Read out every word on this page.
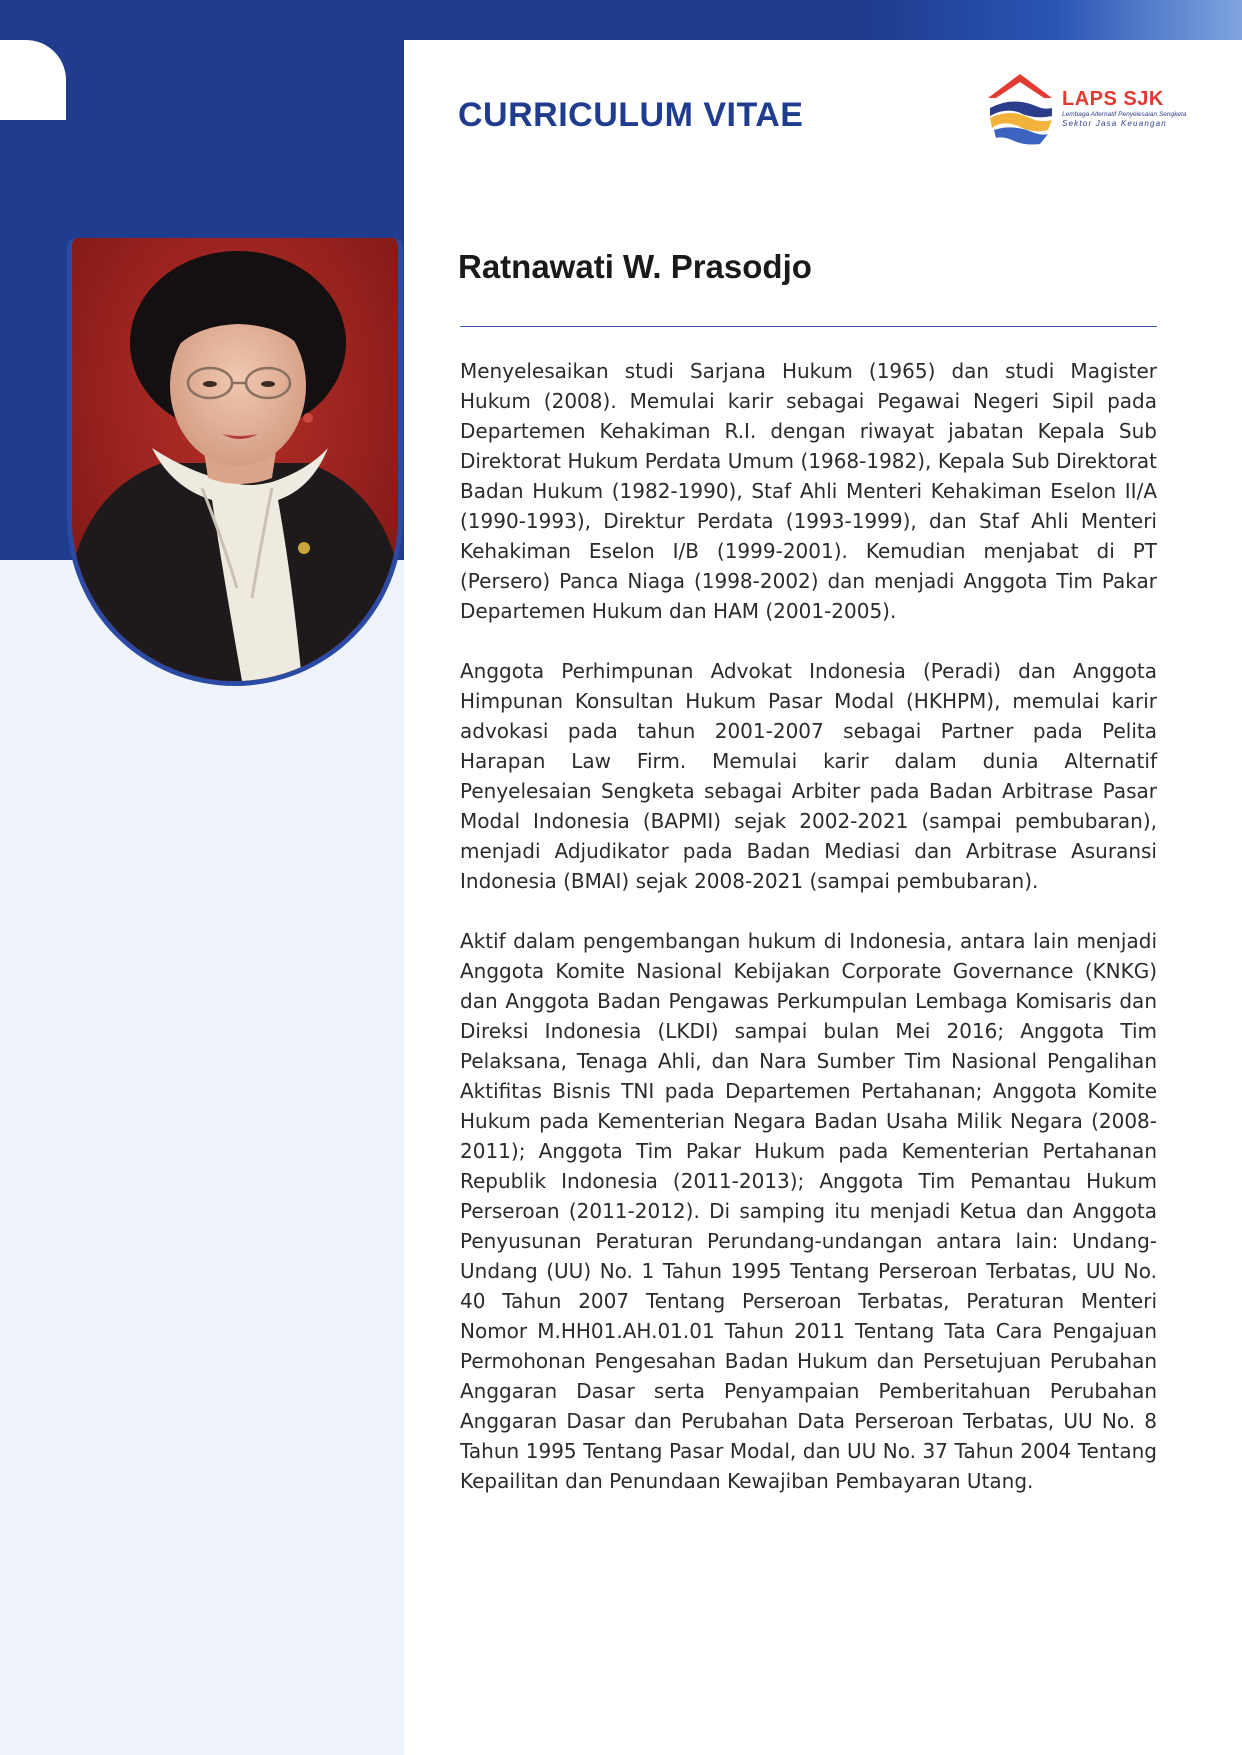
CURRICULUM VITAE	LAPS SJK
Lembaga Alternatif Penyelesaian Sengketa
Sektor Jasa Keuangan
Ratnawati W. Prasodjo

Menyelesaikan studi Sarjana Hukum (1965) dan studi Magister Hukum (2008). Memulai karir sebagai Pegawai Negeri Sipil pada Departemen Kehakiman R.I. dengan riwayat jabatan Kepala Sub Direktorat Hukum Perdata Umum (1968-1982), Kepala Sub Direktorat Badan Hukum (1982-1990), Staf Ahli Menteri Kehakiman Eselon II/A (1990-1993), Direktur Perdata (1993-1999), dan Staf Ahli Menteri Kehakiman Eselon I/B (1999-2001). Kemudian menjabat di PT (Persero) Panca Niaga (1998-2002) dan menjadi Anggota Tim Pakar Departemen Hukum dan HAM (2001-2005).

Anggota Perhimpunan Advokat Indonesia (Peradi) dan Anggota Himpunan Konsultan Hukum Pasar Modal (HKHPM), memulai karir advokasi pada tahun 2001-2007 sebagai Partner pada Pelita Harapan Law Firm. Memulai karir dalam dunia Alternatif Penyelesaian Sengketa sebagai Arbiter pada Badan Arbitrase Pasar Modal Indonesia (BAPMI) sejak 2002-2021 (sampai pembubaran), menjadi Adjudikator pada Badan Mediasi dan Arbitrase Asuransi Indonesia (BMAI) sejak 2008-2021 (sampai pembubaran).

Aktif dalam pengembangan hukum di Indonesia, antara lain menjadi Anggota Komite Nasional Kebijakan Corporate Governance (KNKG) dan Anggota Badan Pengawas Perkumpulan Lembaga Komisaris dan Direksi Indonesia (LKDI) sampai bulan Mei 2016; Anggota Tim Pelaksana, Tenaga Ahli, dan Nara Sumber Tim Nasional Pengalihan Aktifitas Bisnis TNI pada Departemen Pertahanan; Anggota Komite Hukum pada Kementerian Negara Badan Usaha Milik Negara (2008-2011); Anggota Tim Pakar Hukum pada Kementerian Pertahanan Republik Indonesia (2011-2013); Anggota Tim Pemantau Hukum Perseroan (2011-2012). Di samping itu menjadi Ketua dan Anggota Penyusunan Peraturan Perundang-undangan antara lain: Undang-Undang (UU) No. 1 Tahun 1995 Tentang Perseroan Terbatas, UU No. 40 Tahun 2007 Tentang Perseroan Terbatas, Peraturan Menteri Nomor M.HH01.AH.01.01 Tahun 2011 Tentang Tata Cara Pengajuan Permohonan Pengesahan Badan Hukum dan Persetujuan Perubahan Anggaran Dasar serta Penyampaian Pemberitahuan Perubahan Anggaran Dasar dan Perubahan Data Perseroan Terbatas, UU No. 8 Tahun 1995 Tentang Pasar Modal, dan UU No. 37 Tahun 2004 Tentang Kepailitan dan Penundaan Kewajiban Pembayaran Utang.
